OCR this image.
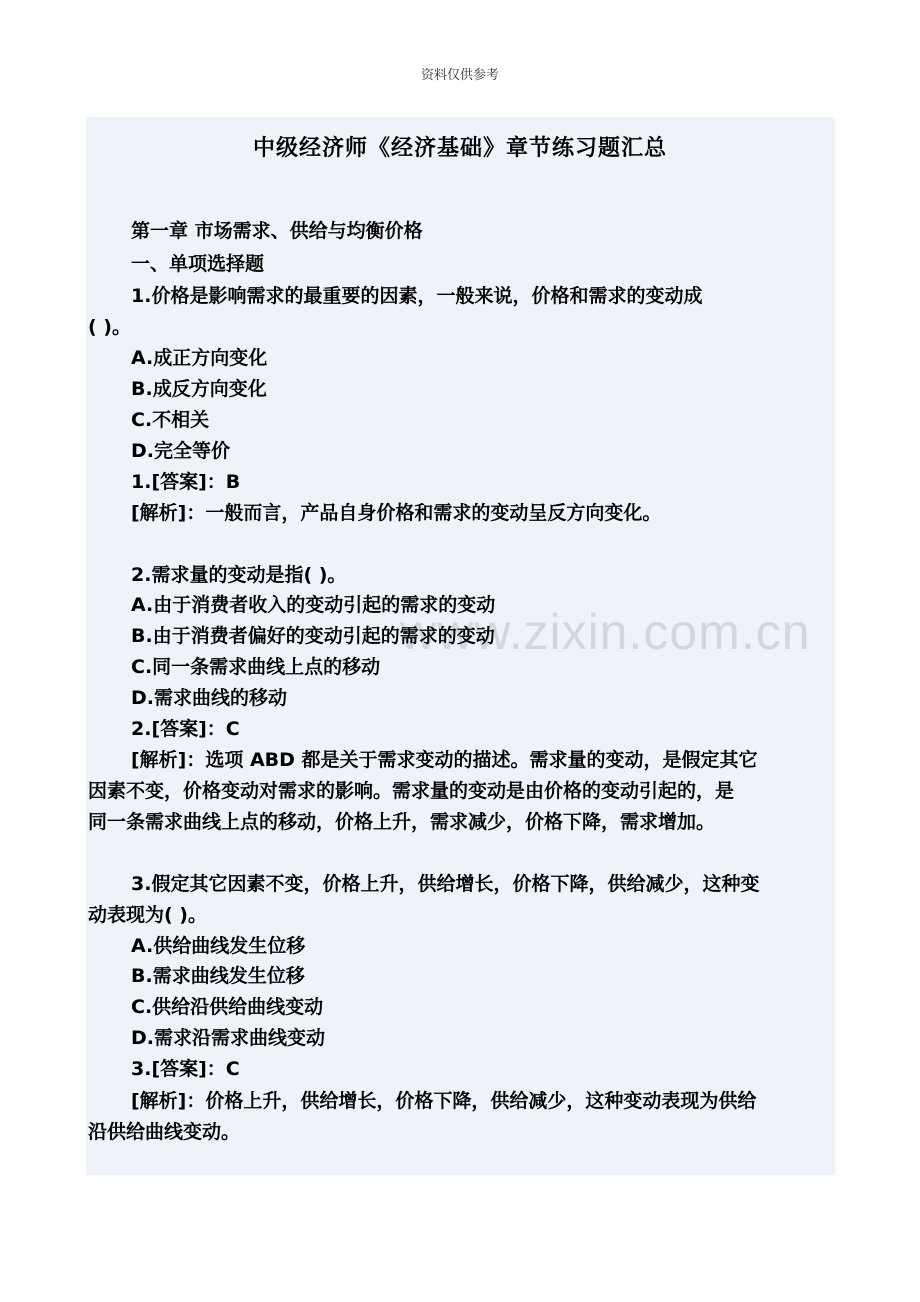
资料仅供参考
www.zixin.com.cn
中级经济师《经济基础》章节练习题汇总
第一章 市场需求、供给与均衡价格
一、单项选择题
1.价格是影响需求的最重要的因素，一般来说，价格和需求的变动成
( )。
A.成正方向变化
B.成反方向变化
C.不相关
D.完全等价
1.[答案]：B
[解析]：一般而言，产品自身价格和需求的变动呈反方向变化。
2.需求量的变动是指( )。
A.由于消费者收入的变动引起的需求的变动
B.由于消费者偏好的变动引起的需求的变动
C.同一条需求曲线上点的移动
D.需求曲线的移动
2.[答案]：C
[解析]：选项 ABD 都是关于需求变动的描述。需求量的变动，是假定其它
因素不变，价格变动对需求的影响。需求量的变动是由价格的变动引起的，是
同一条需求曲线上点的移动，价格上升，需求减少，价格下降，需求增加。
3.假定其它因素不变，价格上升，供给增长，价格下降，供给减少，这种变
动表现为( )。
A.供给曲线发生位移
B.需求曲线发生位移
C.供给沿供给曲线变动
D.需求沿需求曲线变动
3.[答案]：C
[解析]：价格上升，供给增长，价格下降，供给减少，这种变动表现为供给
沿供给曲线变动。
